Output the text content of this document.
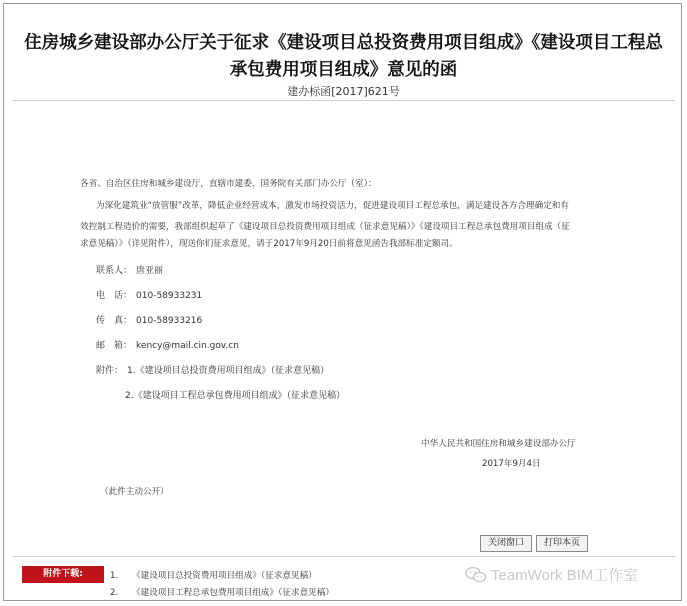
住房城乡建设部办公厅关于征求《建设项目总投资费用项目组成》《建设项目工程总
承包费用项目组成》意见的函
建办标函[2017]621号
各省、自治区住房和城乡建设厅，直辖市建委，国务院有关部门办公厅（室）：
为深化建筑业“放管服”改革，降低企业经营成本，激发市场投资活力，促进建设项目工程总承包，满足建设各方合理确定和有
效控制工程造价的需要，我部组织起草了《建设项目总投资费用项目组成（征求意见稿）》《建设项目工程总承包费用项目组成（征
求意见稿）》（详见附件），现送你们征求意见，请于2017年9月20日前将意见函告我部标准定额司。
联系人： 唐亚丽
电　话： 010-58933231
传　真： 010-58933216
邮　箱： kency@mail.cin.gov.cn
附件： 1.《建设项目总投资费用项目组成》（征求意见稿）
2.《建设项目工程总承包费用项目组成》（征求意见稿）
中华人民共和国住房和城乡建设部办公厅
2017年9月4日
（此件主动公开）
关闭窗口	打印本页
附件下载:	1. 《建设项目总投资费用项目组成》（征求意见稿）
2. 《建设项目工程总承包费用项目组成》（征求意见稿）
TeamWork BIM工作室
